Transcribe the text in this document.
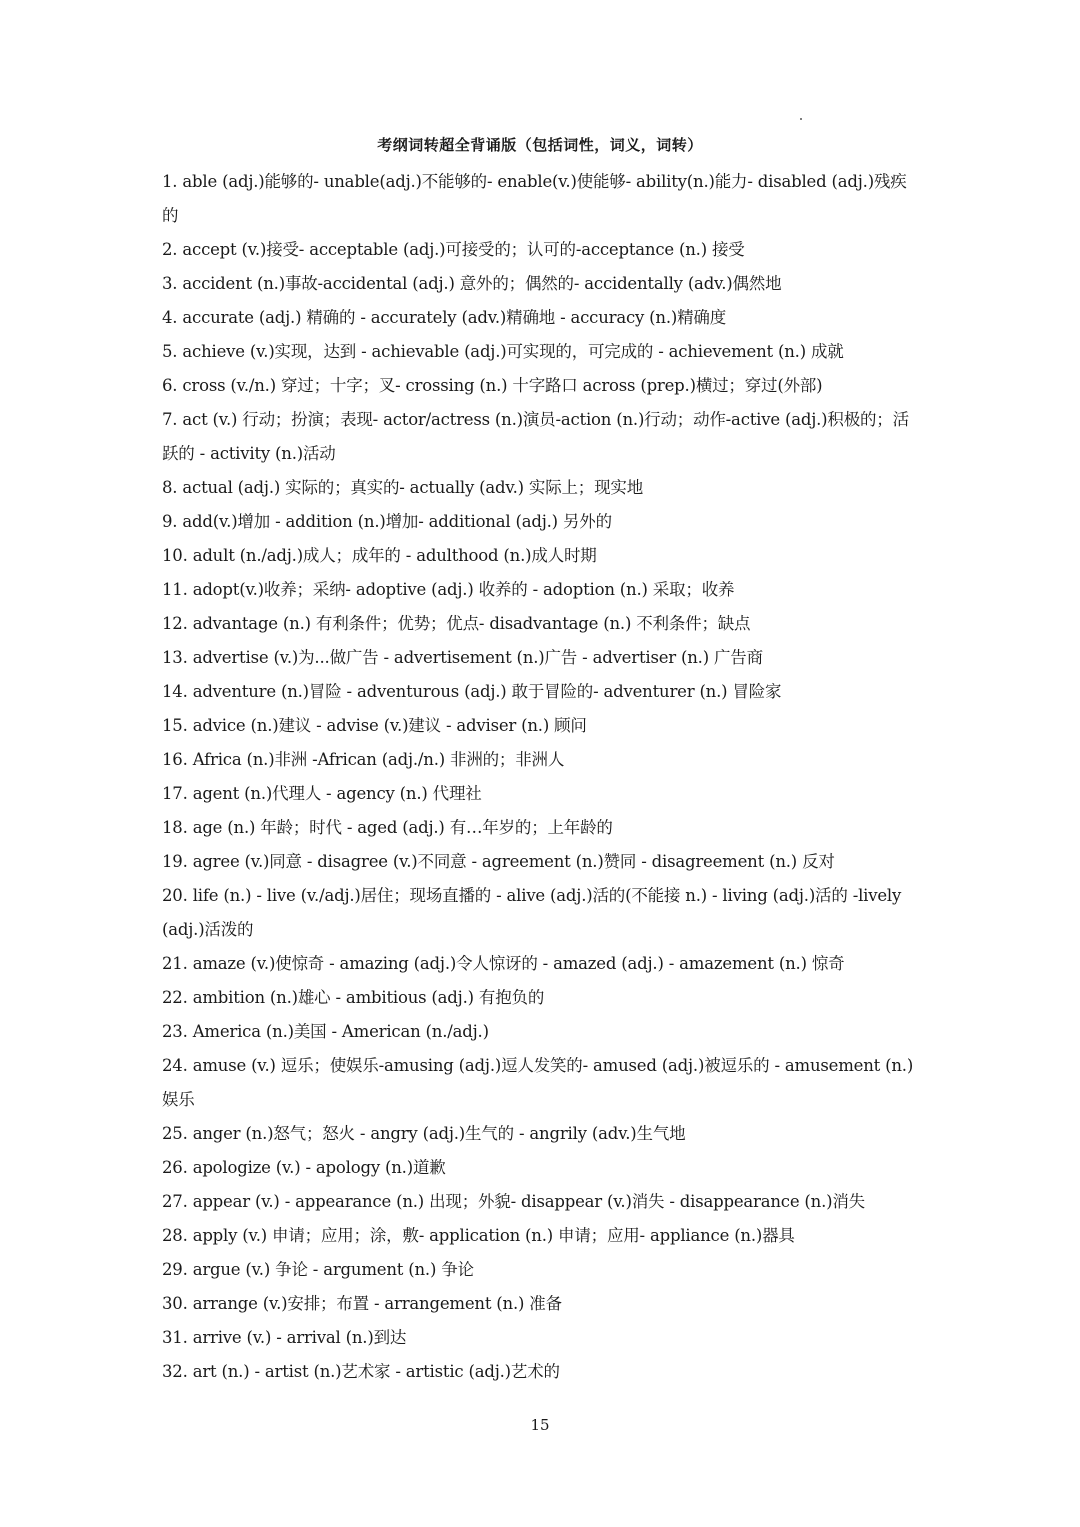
考纲词转超全背诵版（包括词性，词义，词转）
1. able (adj.)能够的- unable(adj.)不能够的- enable(v.)使能够- ability(n.)能力- disabled (adj.)残疾的
2. accept (v.)接受- acceptable (adj.)可接受的；认可的-acceptance (n.) 接受
3. accident (n.)事故-accidental (adj.) 意外的；偶然的- accidentally (adv.)偶然地
4. accurate (adj.) 精确的 - accurately (adv.)精确地 - accuracy (n.)精确度
5. achieve (v.)实现，达到 - achievable (adj.)可实现的，可完成的 - achievement (n.) 成就
6. cross (v./n.) 穿过；十字；叉- crossing (n.) 十字路口 across (prep.)横过；穿过(外部)
7. act (v.) 行动；扮演；表现- actor/actress (n.)演员-action (n.)行动；动作-active (adj.)积极的；活跃的 - activity (n.)活动
8. actual (adj.) 实际的；真实的- actually (adv.) 实际上；现实地
9. add(v.)增加 - addition (n.)增加- additional (adj.) 另外的
10. adult (n./adj.)成人；成年的 - adulthood (n.)成人时期
11. adopt(v.)收养；采纳- adoptive (adj.) 收养的 - adoption (n.) 采取；收养
12. advantage (n.) 有利条件；优势；优点- disadvantage (n.) 不利条件；缺点
13. advertise (v.)为...做广告 - advertisement (n.)广告 - advertiser (n.) 广告商
14. adventure (n.)冒险 - adventurous (adj.) 敢于冒险的- adventurer (n.) 冒险家
15. advice (n.)建议 - advise (v.)建议 - adviser (n.) 顾问
16. Africa (n.)非洲 -African (adj./n.) 非洲的；非洲人
17. agent (n.)代理人 - agency (n.) 代理社
18. age (n.) 年龄；时代 - aged (adj.) 有…年岁的；上年龄的
19. agree (v.)同意 - disagree (v.)不同意 - agreement (n.)赞同 - disagreement (n.) 反对
20. life (n.) - live (v./adj.)居住；现场直播的 - alive (adj.)活的(不能接 n.) - living (adj.)活的 -lively (adj.)活泼的
21. amaze (v.)使惊奇 - amazing (adj.)令人惊讶的 - amazed (adj.) - amazement (n.) 惊奇
22. ambition (n.)雄心 - ambitious (adj.) 有抱负的
23. America (n.)美国 - American (n./adj.)
24. amuse (v.) 逗乐；使娱乐-amusing (adj.)逗人发笑的- amused (adj.)被逗乐的 - amusement (n.) 娱乐
25. anger (n.)怒气；怒火 - angry (adj.)生气的 - angrily (adv.)生气地
26. apologize (v.) - apology (n.)道歉
27. appear (v.) - appearance (n.) 出现；外貌- disappear (v.)消失 - disappearance (n.)消失
28. apply (v.) 申请；应用；涂，敷- application (n.) 申请；应用- appliance (n.)器具
29. argue (v.) 争论 - argument (n.) 争论
30. arrange (v.)安排；布置 - arrangement (n.) 准备
31. arrive (v.) - arrival (n.)到达
32. art (n.) - artist (n.)艺术家 - artistic (adj.)艺术的

15
